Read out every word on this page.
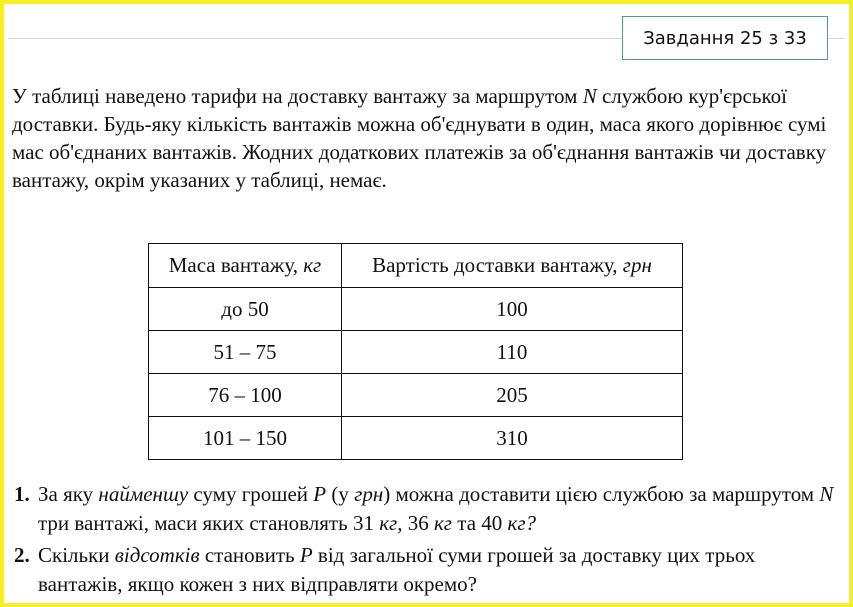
Завдання 25 з 33

У таблиці наведено тарифи на доставку вантажу за маршрутом N службою кур'єрської доставки. Будь-яку кількість вантажів можна об'єднувати в один, маса якого дорівнює сумі мас об'єднаних вантажів. Жодних додаткових платежів за об'єднання вантажів чи доставку вантажу, окрім указаних у таблиці, немає.

Маса вантажу, кг	Вартість доставки вантажу, грн
до 50	100
51 – 75	110
76 – 100	205
101 – 150	310
1. За яку найменшу суму грошей P (у грн) можна доставити цією службою за маршрутом N три вантажі, маси яких становлять 31 кг, 36 кг та 40 кг?
2. Скільки відсотків становить P від загальної суми грошей за доставку цих трьох вантажів, якщо кожен з них відправляти окремо?
